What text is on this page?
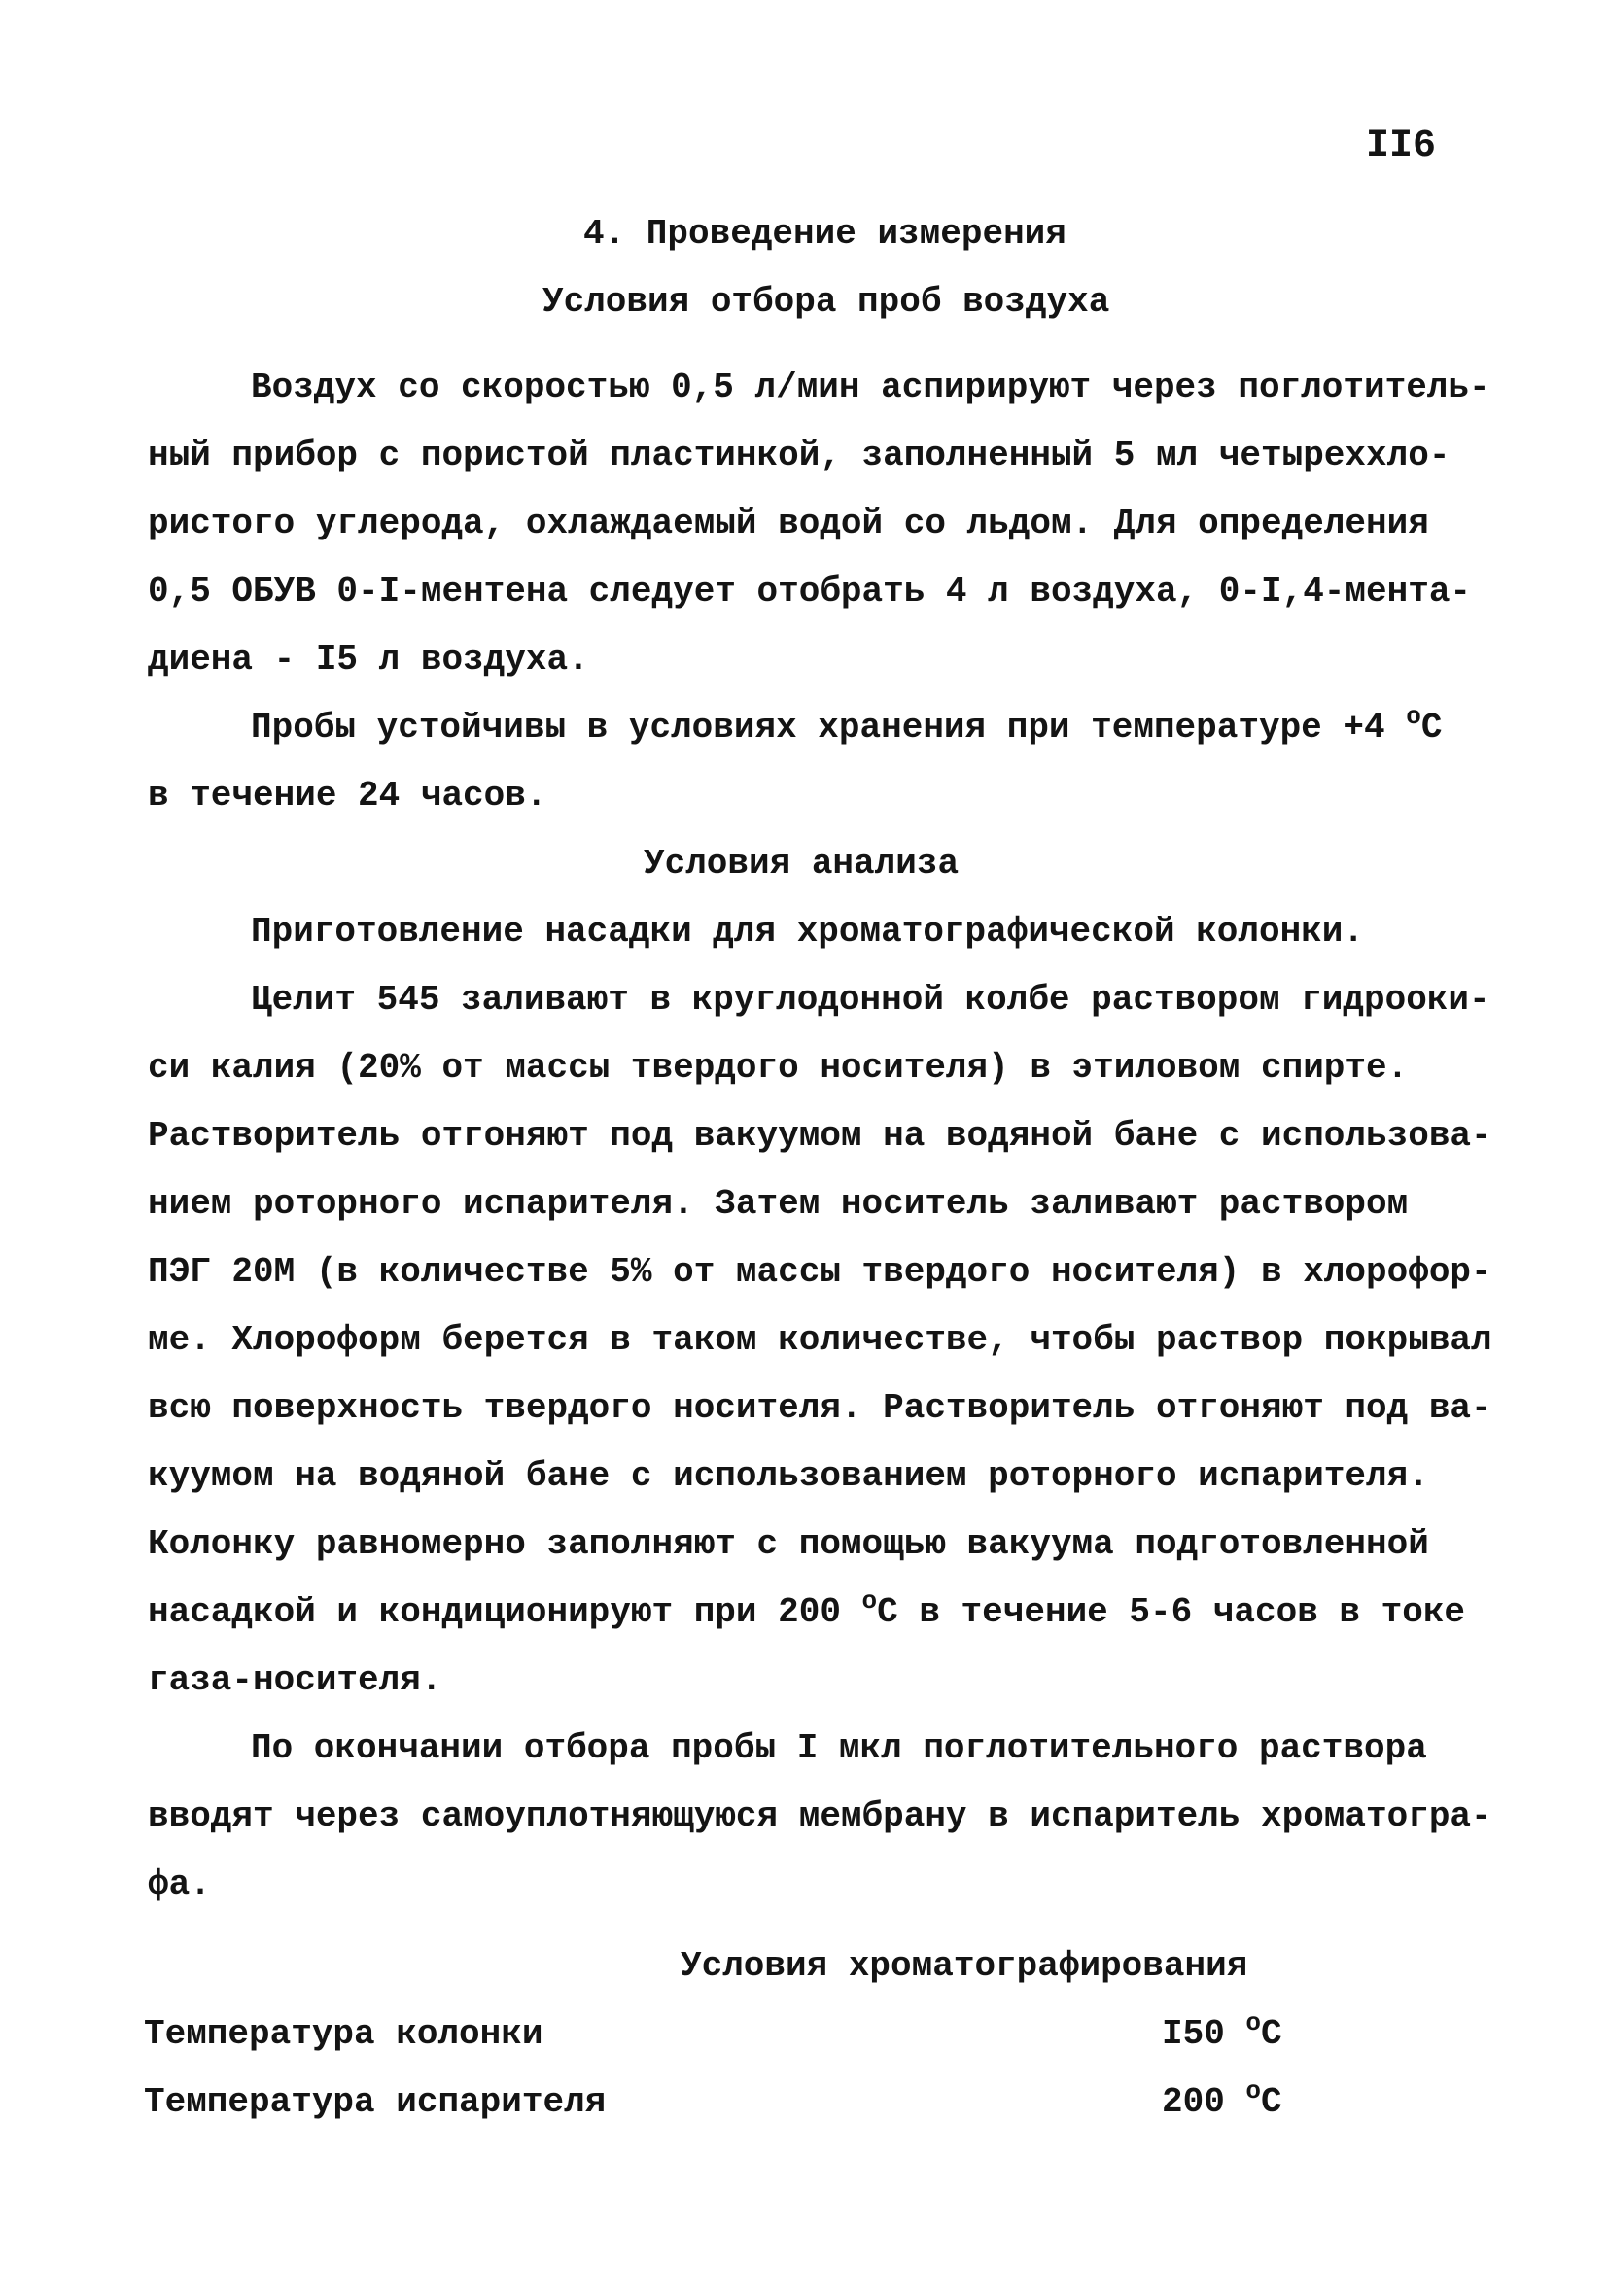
II6
4. Проведение измерения
Условия отбора проб воздуха
Воздух со скоростью 0,5 л/мин аспирируют через поглотитель-
ный прибор с пористой пластинкой, заполненный 5 мл четыреххло-
ристого углерода, охлаждаемый водой со льдом. Для определения
0,5 ОБУВ 0-I-ментена следует отобрать 4 л воздуха, 0-I,4-мента-
диена - I5 л воздуха.
Пробы устойчивы в условиях хранения при температуре +4 $^о$С
в течение 24 часов.
Условия анализа
Приготовление насадки для хроматографической колонки.
Целит 545 заливают в круглодонной колбе раствором гидрооки-
си калия (20% от массы твердого носителя) в этиловом спирте.
Растворитель отгоняют под вакуумом на водяной бане с использова-
нием роторного испарителя. Затем носитель заливают раствором
ПЭГ 20М (в количестве 5% от массы твердого носителя) в хлорофор-
ме. Хлороформ берется в таком количестве, чтобы раствор покрывал
всю поверхность твердого носителя. Растворитель отгоняют под ва-
куумом на водяной бане с использованием роторного испарителя.
Колонку равномерно заполняют с помощью вакуума подготовленной
насадкой и кондиционируют при 200 $^о$С в течение 5-6 часов в токе
газа-носителя.
По окончании отбора пробы I мкл поглотительного раствора
вводят через самоуплотняющуюся мембрану в испаритель хроматогра-
фа.
Условия хроматографирования
Температура колонки	I50 $^о$С
Температура испарителя	200 $^о$С
